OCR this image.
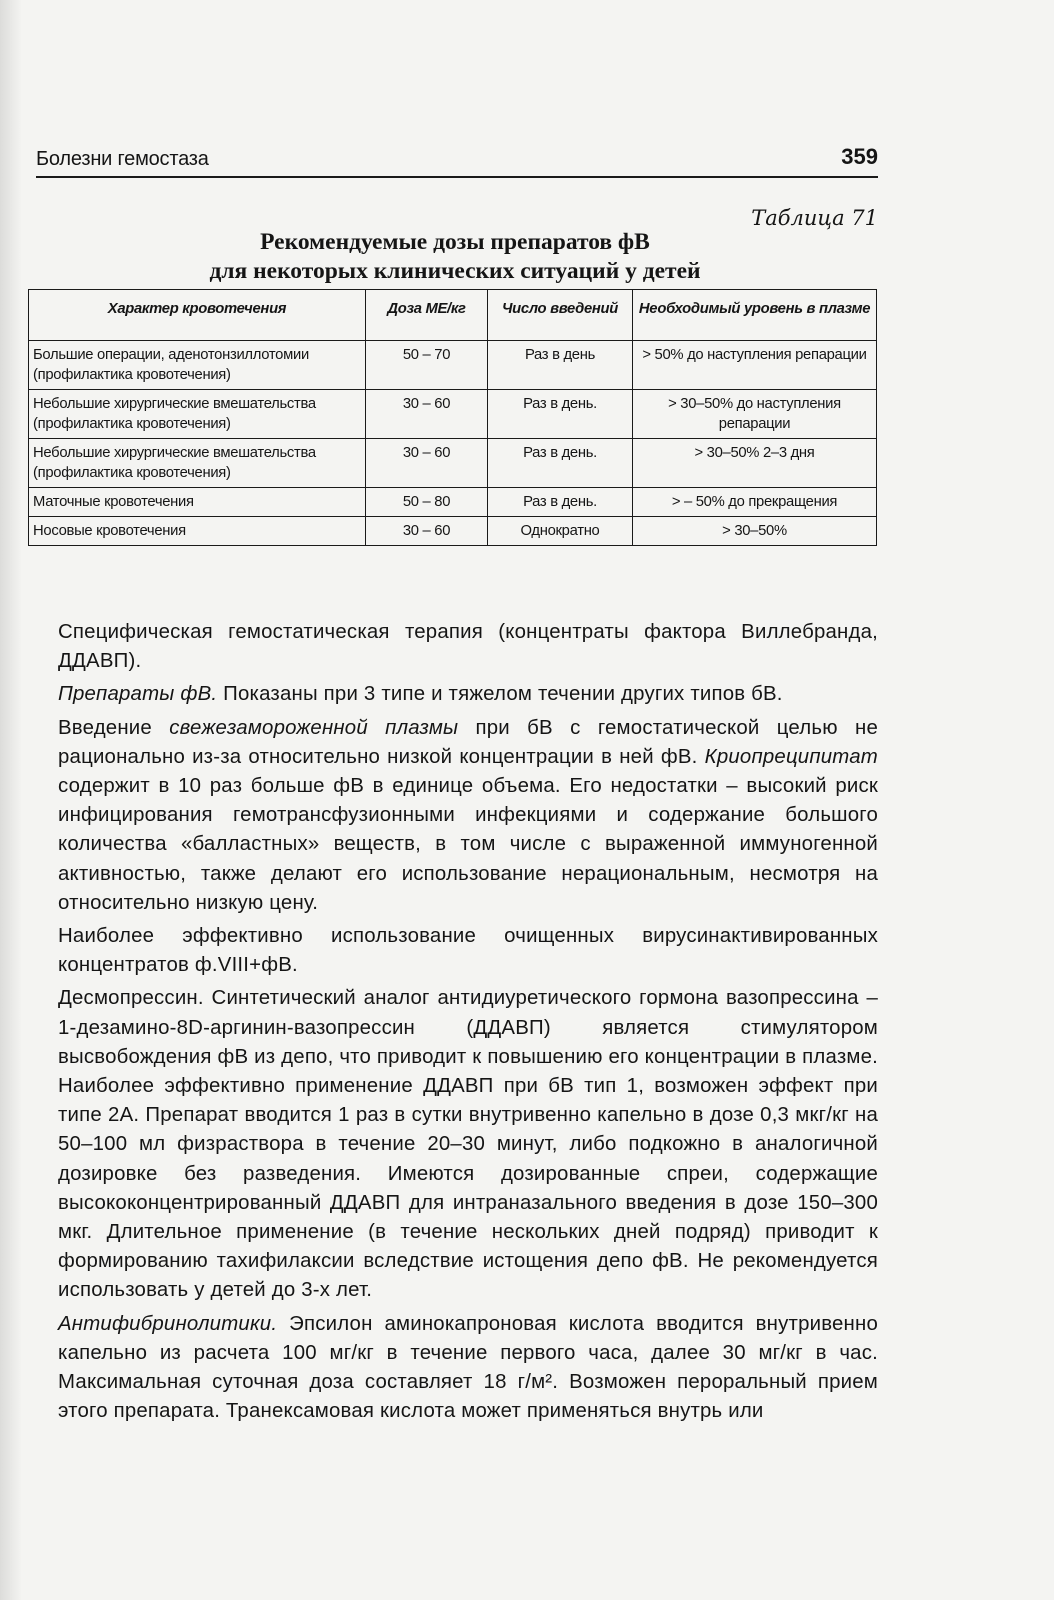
Болезни гемостаза	359
Таблица 71
Рекомендуемые дозы препаратов фВ
для некоторых клинических ситуаций у детей
Характер кровотечения	Доза МЕ/кг	Число введений	Необходимый уровень в плазме
Большие операции, аденотонзиллотомии (профилактика кровотечения)	50 – 70	Раз в день	> 50% до наступления репарации
Небольшие хирургические вмешательства (профилактика кровотечения)	30 – 60	Раз в день.	> 30–50% до наступления репарации
Небольшие хирургические вмешательства (профилактика кровотечения)	30 – 60	Раз в день.	> 30–50% 2–3 дня
Маточные кровотечения	50 – 80	Раз в день.	> – 50% до прекращения
Носовые кровотечения	30 – 60	Однократно	> 30–50%

Специфическая гемостатическая терапия (концентраты фактора Виллебранда, ДДАВП).

Препараты фВ. Показаны при 3 типе и тяжелом течении других типов бВ.

Введение свежезамороженной плазмы при бВ с гемостатической целью не рационально из-за относительно низкой концентрации в ней фВ. Криопреципитат содержит в 10 раз больше фВ в единице объема. Его недостатки – высокий риск инфицирования гемотрансфузионными инфекциями и содержание большого количества «балластных» веществ, в том числе с выраженной иммуногенной активностью, также делают его использование нерациональным, несмотря на относительно низкую цену.

Наиболее эффективно использование очищенных вирусинактивированных концентратов ф.VIII+фВ.

Десмопрессин. Синтетический аналог антидиуретического гормона вазопрессина – 1-дезамино-8D-аргинин-вазопрессин (ДДАВП) является стимулятором высвобождения фВ из депо, что приводит к повышению его концентрации в плазме. Наиболее эффективно применение ДДАВП при бВ тип 1, возможен эффект при типе 2А. Препарат вводится 1 раз в сутки внутривенно капельно в дозе 0,3 мкг/кг на 50–100 мл физраствора в течение 20–30 минут, либо подкожно в аналогичной дозировке без разведения. Имеются дозированные спреи, содержащие высококонцентрированный ДДАВП для интраназального введения в дозе 150–300 мкг. Длительное применение (в течение нескольких дней подряд) приводит к формированию тахифилаксии вследствие истощения депо фВ. Не рекомендуется использовать у детей до 3-х лет.

Антифибринолитики. Эпсилон аминокапроновая кислота вводится внутривенно капельно из расчета 100 мг/кг в течение первого часа, далее 30 мг/кг в час. Максимальная суточная доза составляет 18 г/м². Возможен пероральный прием этого препарата. Транексамовая кислота может применяться внутрь или
